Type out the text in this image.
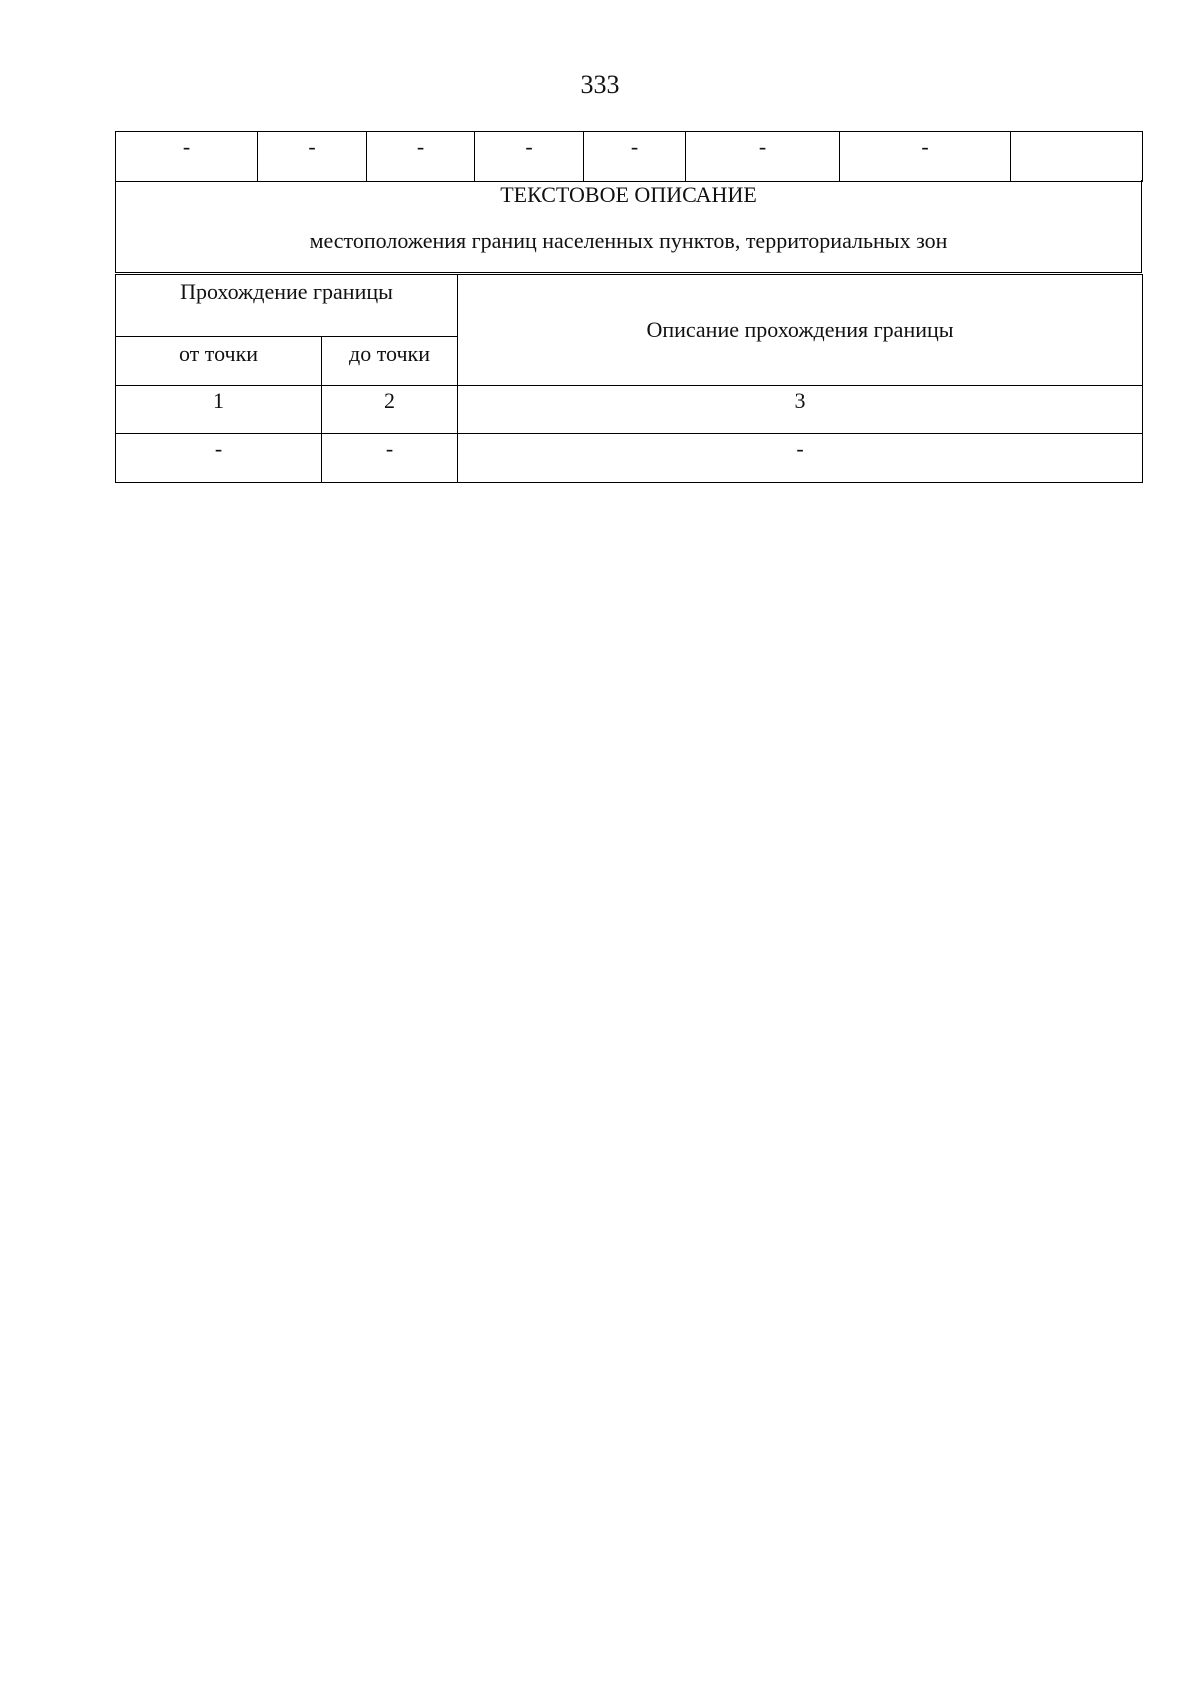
333
-	-	-	-	-	-	-	
ТЕКСТОВОЕ ОПИСАНИЕ
местоположения границ населенных пунктов, территориальных зон
Прохождение границы		Описание прохождения границы
от точки	до точки	
1	2	3
-	-	-
